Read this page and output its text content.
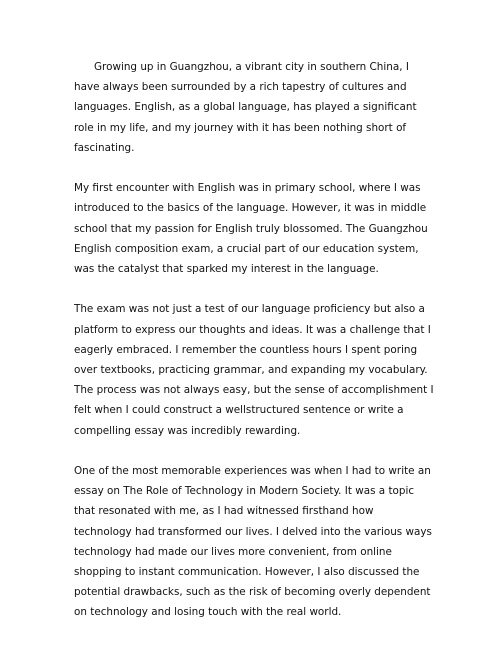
Growing up in Guangzhou, a vibrant city in southern China, I have always been surrounded by a rich tapestry of cultures and languages. English, as a global language, has played a significant role in my life, and my journey with it has been nothing short of fascinating.

My first encounter with English was in primary school, where I was introduced to the basics of the language. However, it was in middle school that my passion for English truly blossomed. The Guangzhou English composition exam, a crucial part of our education system, was the catalyst that sparked my interest in the language.

The exam was not just a test of our language proficiency but also a platform to express our thoughts and ideas. It was a challenge that I eagerly embraced. I remember the countless hours I spent poring over textbooks, practicing grammar, and expanding my vocabulary. The process was not always easy, but the sense of accomplishment I felt when I could construct a wellstructured sentence or write a compelling essay was incredibly rewarding.

One of the most memorable experiences was when I had to write an essay on The Role of Technology in Modern Society. It was a topic that resonated with me, as I had witnessed firsthand how technology had transformed our lives. I delved into the various ways technology had made our lives more convenient, from online shopping to instant communication. However, I also discussed the potential drawbacks, such as the risk of becoming overly dependent on technology and losing touch with the real world.
